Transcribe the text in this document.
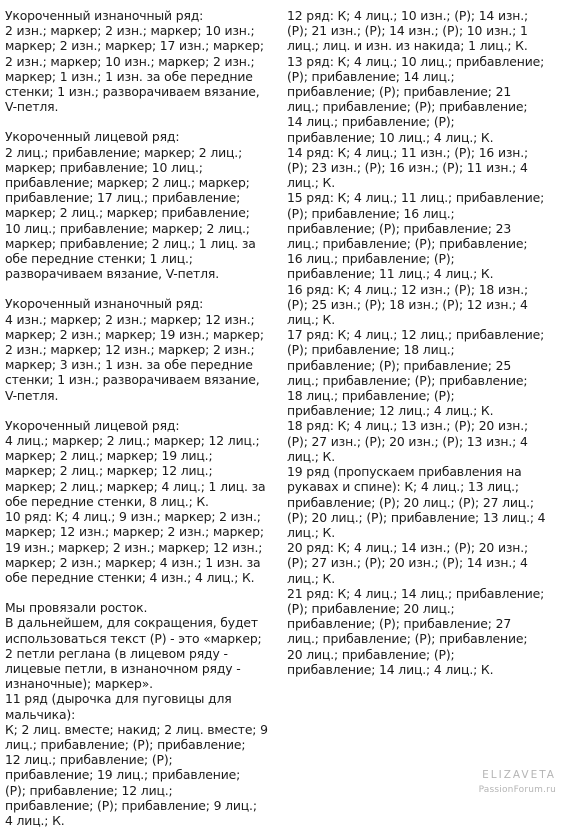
Укороченный изнаночный ряд:
2 изн.; маркер; 2 изн.; маркер; 10 изн.;
маркер; 2 изн.; маркер; 17 изн.; маркер;
2 изн.; маркер; 10 изн.; маркер; 2 изн.;
маркер; 1 изн.; 1 изн. за обе передние
стенки; 1 изн.; разворачиваем вязание,
V-петля.
Укороченный лицевой ряд:
2 лиц.; прибавление; маркер; 2 лиц.;
маркер; прибавление; 10 лиц.;
прибавление; маркер; 2 лиц.; маркер;
прибавление; 17 лиц.; прибавление;
маркер; 2 лиц.; маркер; прибавление;
10 лиц.; прибавление; маркер; 2 лиц.;
маркер; прибавление; 2 лиц.; 1 лиц. за
обе передние стенки; 1 лиц.;
разворачиваем вязание, V-петля.
Укороченный изнаночный ряд:
4 изн.; маркер; 2 изн.; маркер; 12 изн.;
маркер; 2 изн.; маркер; 19 изн.; маркер;
2 изн.; маркер; 12 изн.; маркер; 2 изн.;
маркер; 3 изн.; 1 изн. за обе передние
стенки; 1 изн.; разворачиваем вязание,
V-петля.
Укороченный лицевой ряд:
4 лиц.; маркер; 2 лиц.; маркер; 12 лиц.;
маркер; 2 лиц.; маркер; 19 лиц.;
маркер; 2 лиц.; маркер; 12 лиц.;
маркер; 2 лиц.; маркер; 4 лиц.; 1 лиц. за
обе передние стенки, 8 лиц.; К.
10 ряд: К; 4 лиц.; 9 изн.; маркер; 2 изн.;
маркер; 12 изн.; маркер; 2 изн.; маркер;
19 изн.; маркер; 2 изн.; маркер; 12 изн.;
маркер; 2 изн.; маркер; 4 изн.; 1 изн. за
обе передние стенки; 4 изн.; 4 лиц.; К.
Мы провязали росток.
В дальнейшем, для сокращения, будет
использоваться текст (Р) - это «маркер;
2 петли реглана (в лицевом ряду -
лицевые петли, в изнаночном ряду -
изнаночные); маркер».
11 ряд (дырочка для пуговицы для
мальчика):
К; 2 лиц. вместе; накид; 2 лиц. вместе; 9
лиц.; прибавление; (Р); прибавление;
12 лиц.; прибавление; (Р);
прибавление; 19 лиц.; прибавление;
(Р); прибавление; 12 лиц.;
прибавление; (Р); прибавление; 9 лиц.;
4 лиц.; К.
12 ряд: К; 4 лиц.; 10 изн.; (Р); 14 изн.;
(Р); 21 изн.; (Р); 14 изн.; (Р); 10 изн.; 1
лиц.; лиц. и изн. из накида; 1 лиц.; К.
13 ряд: К; 4 лиц.; 10 лиц.; прибавление;
(Р); прибавление; 14 лиц.;
прибавление; (Р); прибавление; 21
лиц.; прибавление; (Р); прибавление;
14 лиц.; прибавление; (Р);
прибавление; 10 лиц.; 4 лиц.; К.
14 ряд: К; 4 лиц.; 11 изн.; (Р); 16 изн.;
(Р); 23 изн.; (Р); 16 изн.; (Р); 11 изн.; 4
лиц.; К.
15 ряд: К; 4 лиц.; 11 лиц.; прибавление;
(Р); прибавление; 16 лиц.;
прибавление; (Р); прибавление; 23
лиц.; прибавление; (Р); прибавление;
16 лиц.; прибавление; (Р);
прибавление; 11 лиц.; 4 лиц.; К.
16 ряд: К; 4 лиц.; 12 изн.; (Р); 18 изн.;
(Р); 25 изн.; (Р); 18 изн.; (Р); 12 изн.; 4
лиц.; К.
17 ряд: К; 4 лиц.; 12 лиц.; прибавление;
(Р); прибавление; 18 лиц.;
прибавление; (Р); прибавление; 25
лиц.; прибавление; (Р); прибавление;
18 лиц.; прибавление; (Р);
прибавление; 12 лиц.; 4 лиц.; К.
18 ряд: К; 4 лиц.; 13 изн.; (Р); 20 изн.;
(Р); 27 изн.; (Р); 20 изн.; (Р); 13 изн.; 4
лиц.; К.
19 ряд (пропускаем прибавления на
рукавах и спине): К; 4 лиц.; 13 лиц.;
прибавление; (Р); 20 лиц.; (Р); 27 лиц.;
(Р); 20 лиц.; (Р); прибавление; 13 лиц.; 4
лиц.; К.
20 ряд: К; 4 лиц.; 14 изн.; (Р); 20 изн.;
(Р); 27 изн.; (Р); 20 изн.; (Р); 14 изн.; 4
лиц.; К.
21 ряд: К; 4 лиц.; 14 лиц.; прибавление;
(Р); прибавление; 20 лиц.;
прибавление; (Р); прибавление; 27
лиц.; прибавление; (Р); прибавление;
20 лиц.; прибавление; (Р);
прибавление; 14 лиц.; 4 лиц.; К.
ELIZAVETA
PassionForum.ru
